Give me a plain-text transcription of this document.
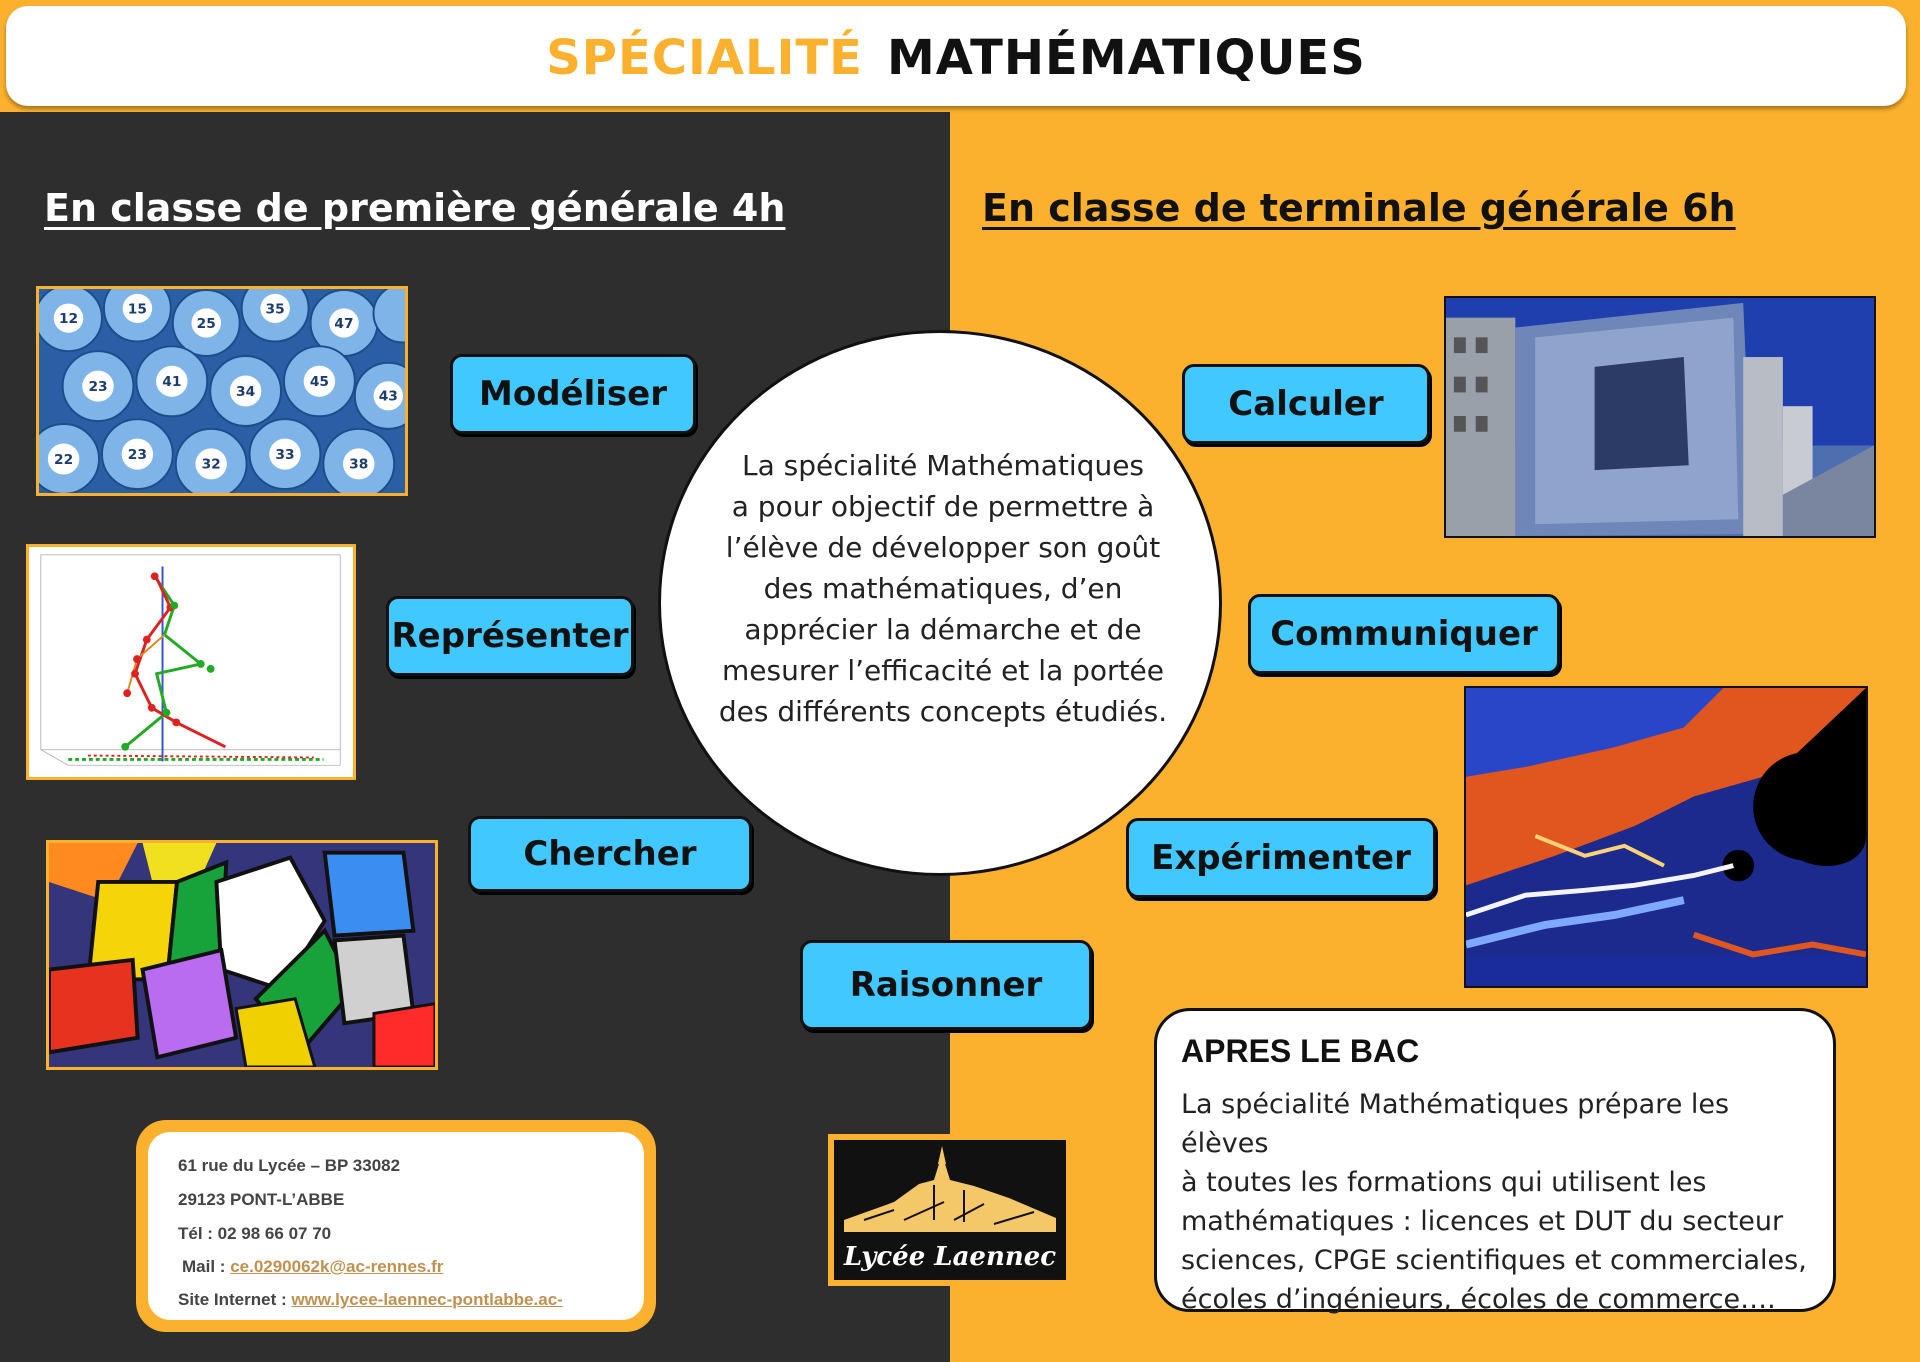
SPÉCIALITÉ MATHÉMATIQUES
En classe de première générale 4h	En classe de terminale générale 6h
12
15
25
35
47
23	41
34
45
43
22	23
32
33
38
Modéliser
Représenter
Chercher
Raisonner
Calculer
Communiquer
Expérimenter
La spécialité Mathématiques
a pour objectif de permettre à
l’élève de développer son goût
des mathématiques, d’en
apprécier la démarche et de
mesurer l’efficacité et la portée
des différents concepts étudiés.
61 rue du Lycée – BP 33082
29123 PONT-L’ABBE
Tél : 02 98 66 07 70
Mail : ce.0290062k@ac-rennes.fr
Site Internet : www.lycee-laennec-pontlabbe.ac-
Lycée Laennec
APRES LE BAC
La spécialité Mathématiques prépare les élèves
à toutes les formations qui utilisent les
mathématiques : licences et DUT du secteur
sciences, CPGE scientifiques et commerciales,
écoles d’ingénieurs, écoles de commerce….
